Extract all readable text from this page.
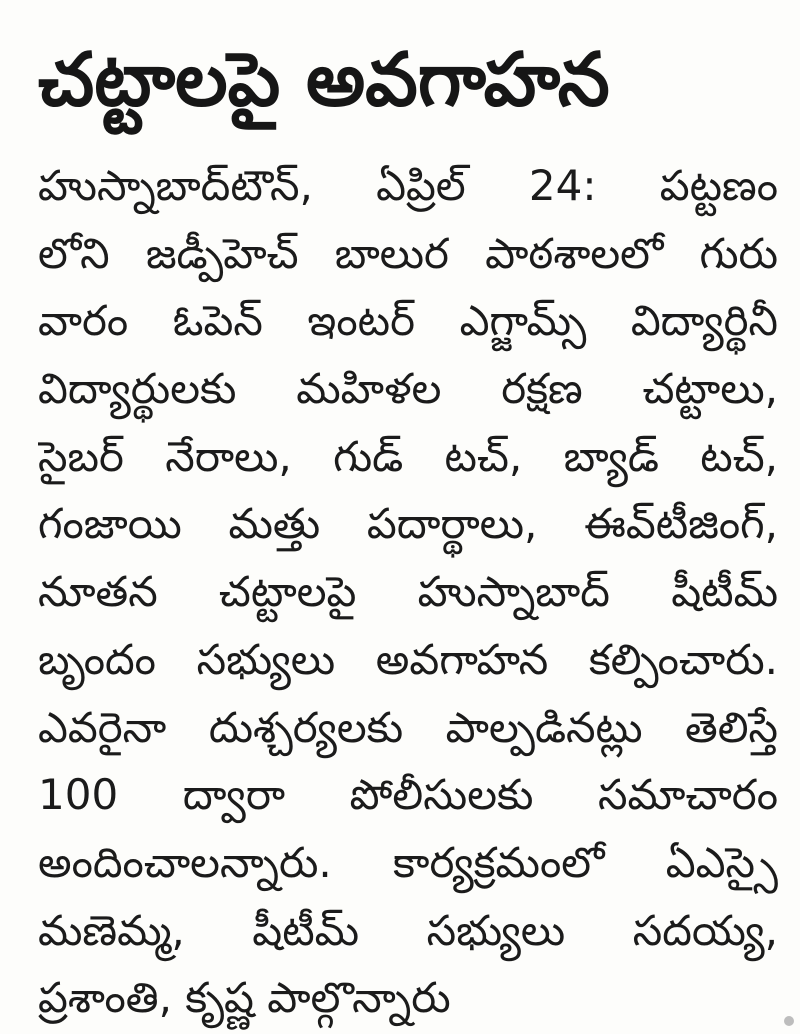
చట్టాలపై అవగాహన
హుస్నాబాద్‌టౌన్‌, ఏప్రిల్‌ 24: పట్టణం
లోని జడ్పీహెచ్‌ బాలుర పాఠశాలలో గురు
వారం ఓపెన్‌ ఇంటర్‌ ఎగ్జామ్స్‌ విద్యార్థినీ
విద్యార్థులకు మహిళల రక్షణ చట్టాలు,
సైబర్‌ నేరాలు, గుడ్‌ టచ్‌, బ్యాడ్‌ టచ్‌,
గంజాయి మత్తు పదార్థాలు, ఈవ్‌టీజింగ్‌,
నూతన చట్టాలపై హుస్నాబాద్‌ షీటీమ్‌
బృందం సభ్యులు అవగాహన కల్పించారు.
ఎవరైనా దుశ్చర్యలకు పాల్పడినట్లు తెలిస్తే
100 ద్వారా పోలీసులకు సమాచారం
అందించాలన్నారు. కార్యక్రమంలో ఏఎస్సై
మణెమ్మ, షీటీమ్‌ సభ్యులు సదయ్య,
ప్రశాంతి, కృష్ణ పాల్గొన్నారు
